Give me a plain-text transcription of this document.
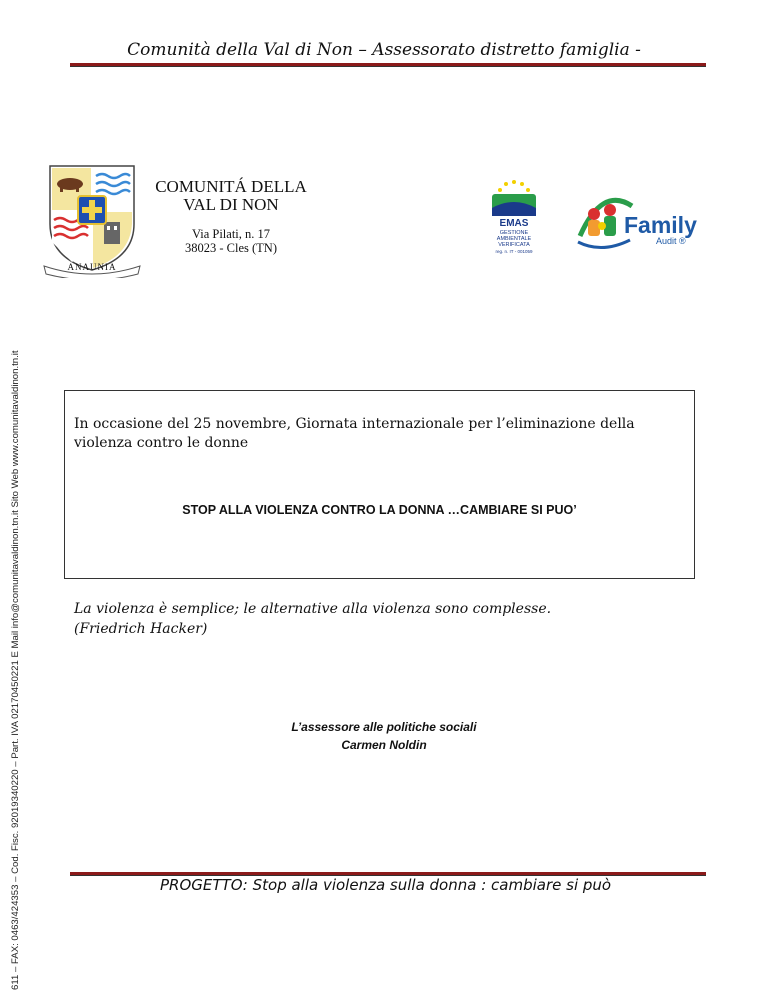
Comunità della Val di Non – Assessorato distretto famiglia -
611 – FAX: 0463/424353 – Cod. Fisc. 92019340220 – Part. IVA 02170450221 E Mail info@comunitavaldinon.tn.it Sito Web www.comunitavaldinon.tn.it
ANAUNIA
COMUNITÁ DELLA
VAL DI NON
Via Pilati, n. 17
38023 - Cles (TN)
EMAS
GESTIONE
AMBIENTALE
VERIFICATA
reg. n. IT - 001059
Family
Audit ®
In occasione del 25 novembre, Giornata internazionale per l’eliminazione della violenza contro le donne
STOP ALLA VIOLENZA CONTRO LA DONNA …CAMBIARE SI PUO’
La violenza è semplice; le alternative alla violenza sono complesse.
(Friedrich Hacker)
L’assessore alle politiche sociali
Carmen Noldin
PROGETTO: Stop alla violenza sulla donna : cambiare si può
